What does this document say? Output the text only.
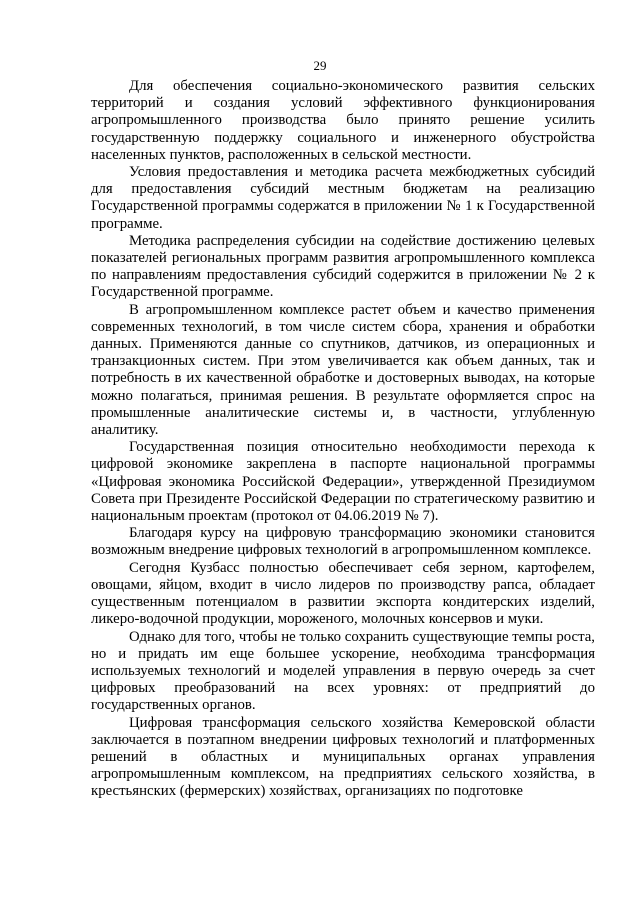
29

Для обеспечения социально-экономического развития сельских территорий и создания условий эффективного функционирования агропромышленного производства было принято решение усилить государственную поддержку социального и инженерного обустройства населенных пунктов, расположенных в сельской местности.

Условия предоставления и методика расчета межбюджетных субсидий для предоставления субсидий местным бюджетам на реализацию Государственной программы содержатся в приложении № 1 к Государственной программе.

Методика распределения субсидии на содействие достижению целевых показателей региональных программ развития агропромышленного комплекса по направлениям предоставления субсидий содержится в приложении № 2 к Государственной программе.

В агропромышленном комплексе растет объем и качество применения современных технологий, в том числе систем сбора, хранения и обработки данных. Применяются данные со спутников, датчиков, из операционных и транзакционных систем. При этом увеличивается как объем данных, так и потребность в их качественной обработке и достоверных выводах, на которые можно полагаться, принимая решения. В результате оформляется спрос на промышленные аналитические системы и, в частности, углубленную аналитику.

Государственная позиция относительно необходимости перехода к цифровой экономике закреплена в паспорте национальной программы «Цифровая экономика Российской Федерации», утвержденной Президиумом Совета при Президенте Российской Федерации по стратегическому развитию и национальным проектам (протокол от 04.06.2019 № 7).

Благодаря курсу на цифровую трансформацию экономики становится возможным внедрение цифровых технологий в агропромышленном комплексе.

Сегодня Кузбасс полностью обеспечивает себя зерном, картофелем, овощами, яйцом, входит в число лидеров по производству рапса, обладает существенным потенциалом в развитии экспорта кондитерских изделий, ликеро-водочной продукции, мороженого, молочных консервов и муки.

Однако для того, чтобы не только сохранить существующие темпы роста, но и придать им еще большее ускорение, необходима трансформация используемых технологий и моделей управления в первую очередь за счет цифровых преобразований на всех уровнях: от предприятий до государственных органов.

Цифровая трансформация сельского хозяйства Кемеровской области заключается в поэтапном внедрении цифровых технологий и платформенных решений в областных и муниципальных органах управления агропромышленным комплексом, на предприятиях сельского хозяйства, в крестьянских (фермерских) хозяйствах, организациях по подготовке
